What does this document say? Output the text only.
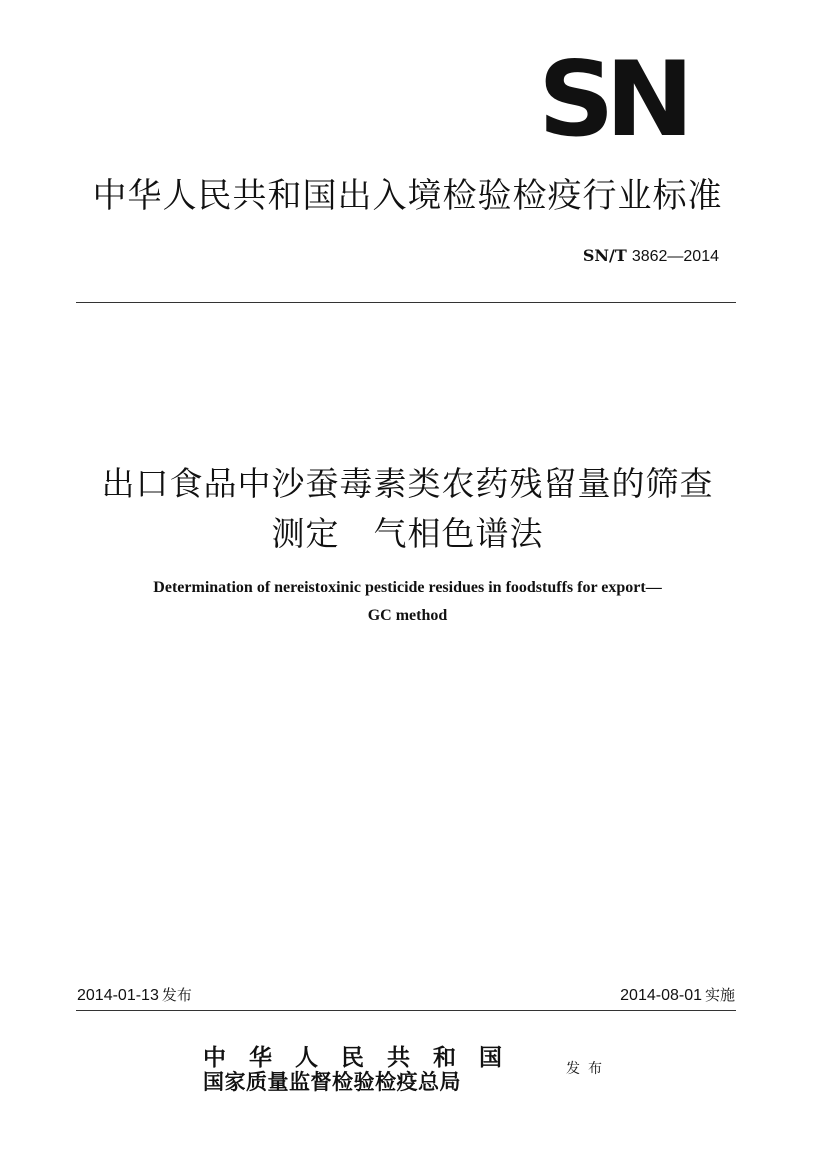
SN
中华人民共和国出入境检验检疫行业标准
SN/T 3862—2014
出口食品中沙蚕毒素类农药残留量的筛查
测定　气相色谱法
Determination of nereistoxinic pesticide residues in foodstuffs for export—
GC method
2014-01-13 发布	2014-08-01 实施
中华人民共和国
国家质量监督检验检疫总局	发布
